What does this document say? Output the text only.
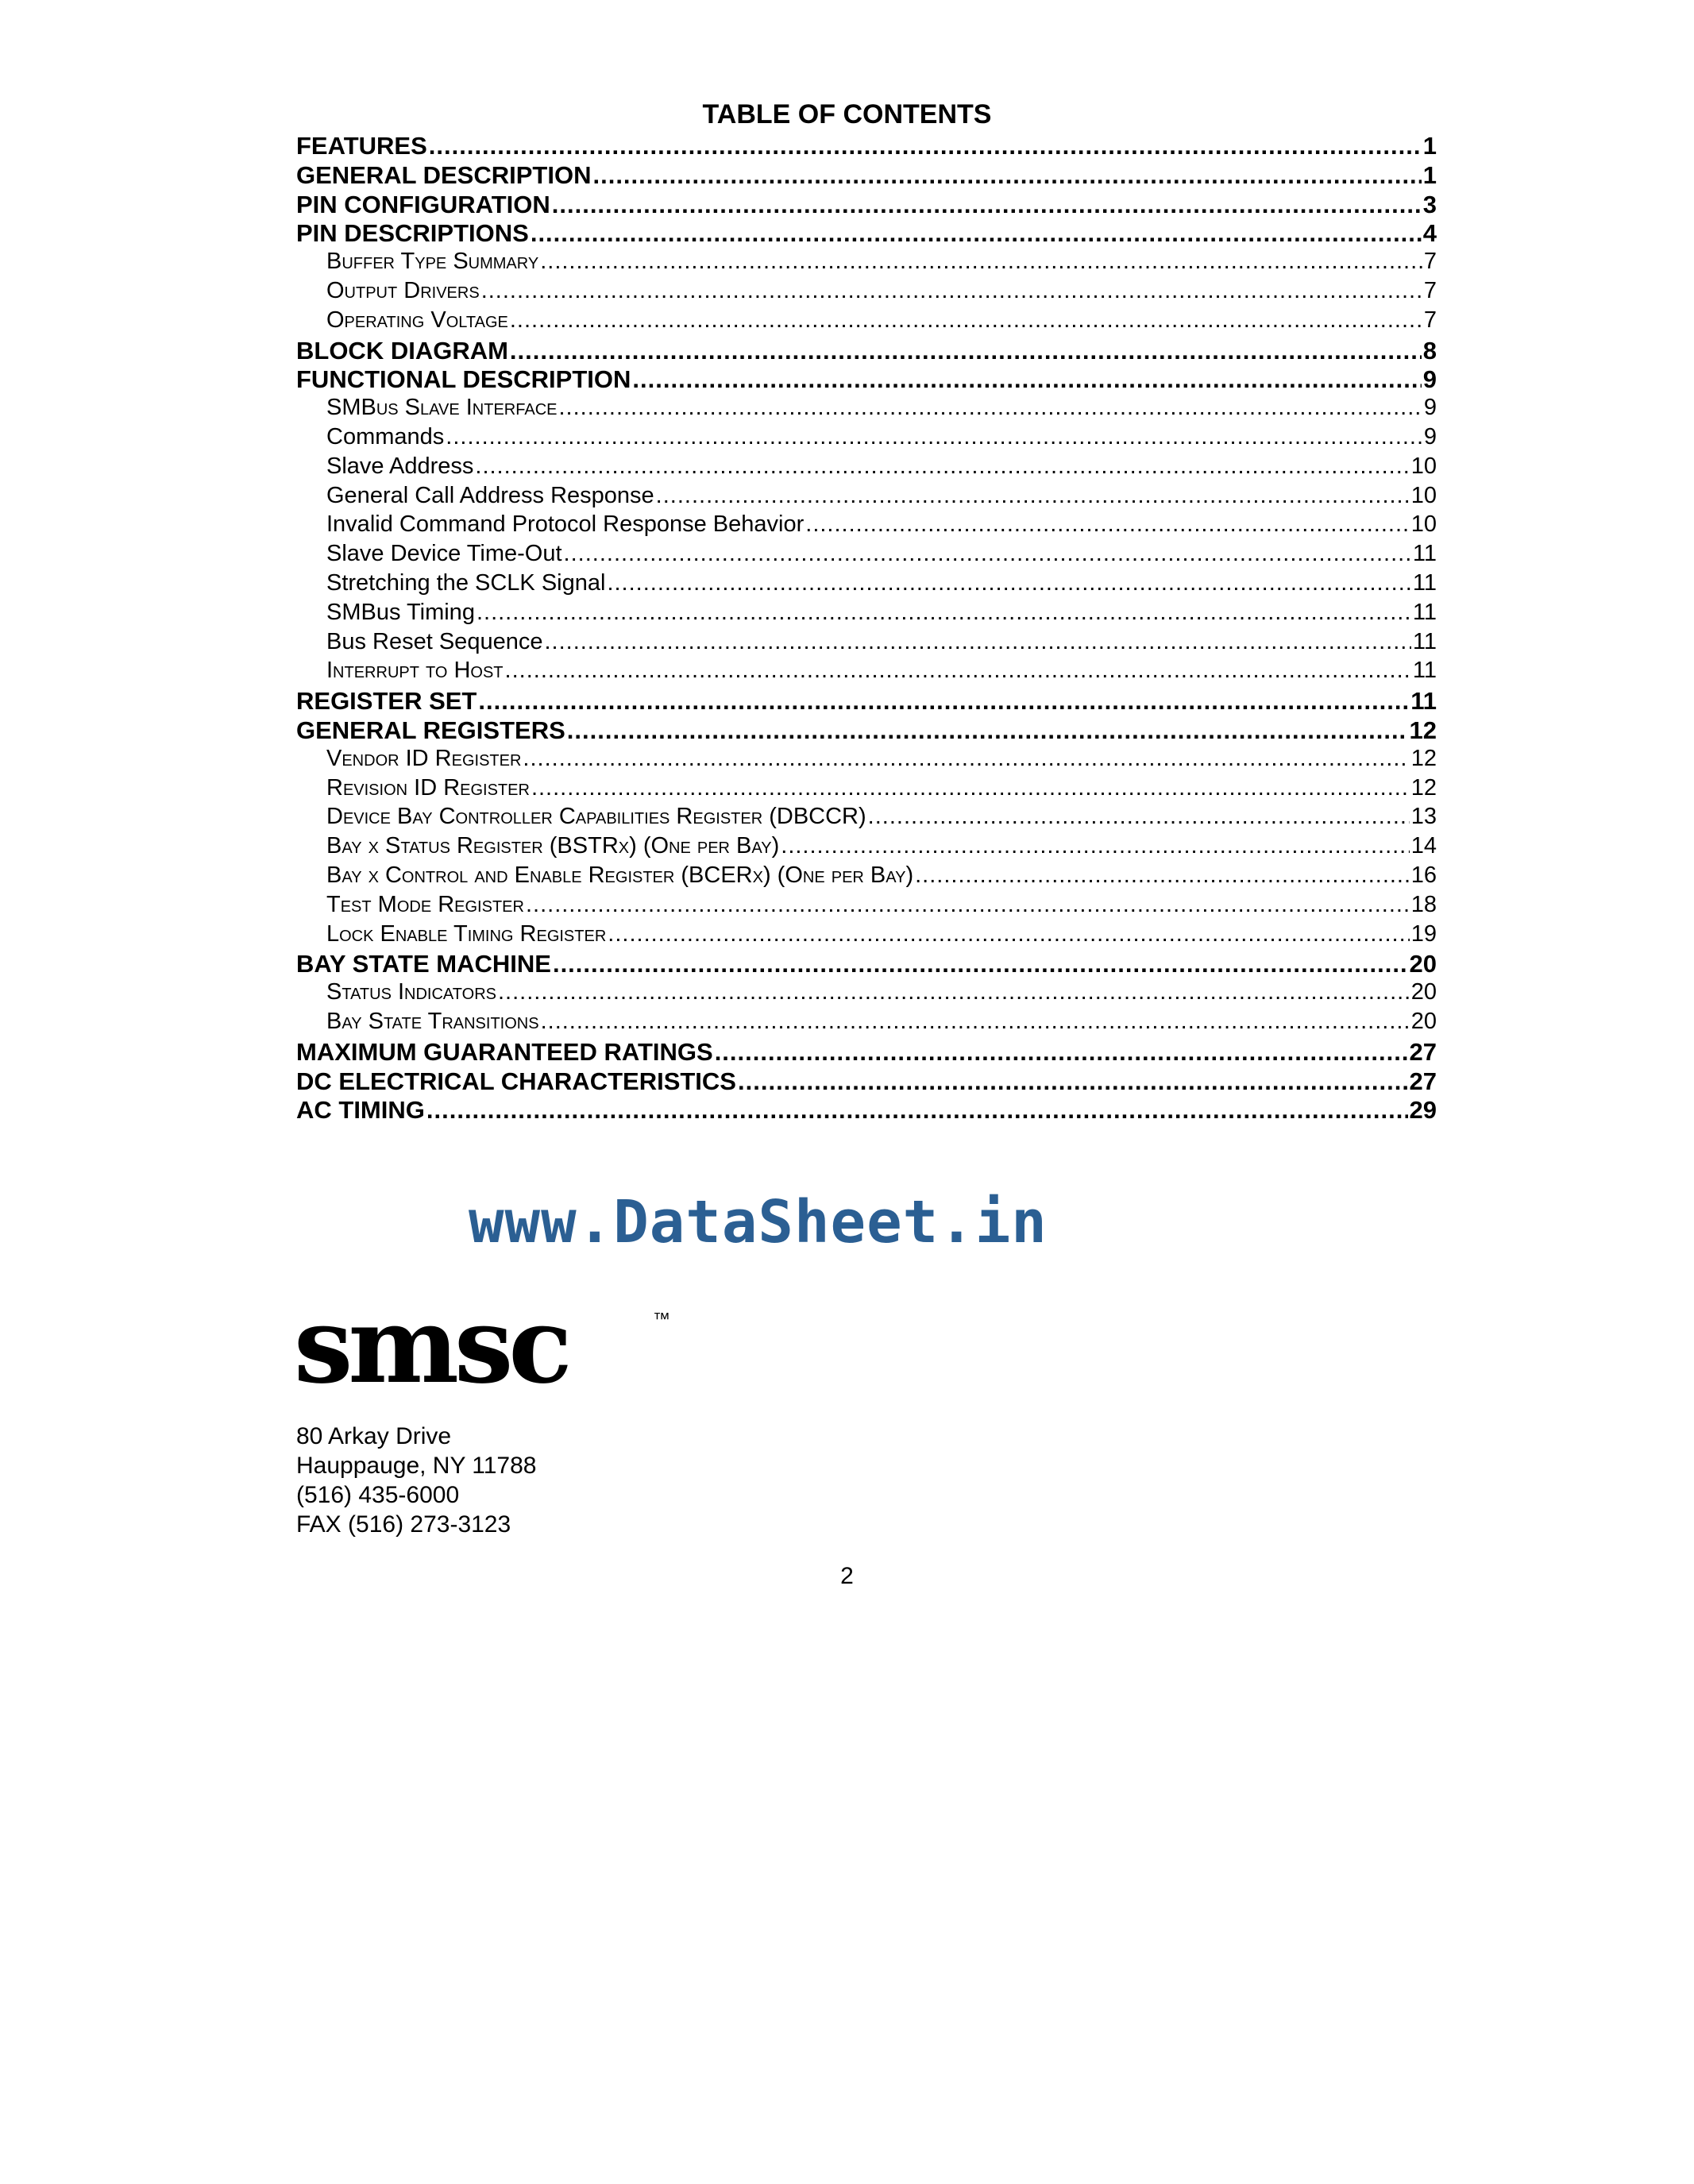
TABLE OF CONTENTS
FEATURES .....	1
GENERAL DESCRIPTION .....	1
PIN CONFIGURATION .....	3
PIN DESCRIPTIONS .....	4
Buffer Type Summary .....	7
Output Drivers .....	7
Operating Voltage .....	7
BLOCK DIAGRAM .....	8
FUNCTIONAL DESCRIPTION .....	9
SMBus Slave Interface .....	9
Commands .....	9
Slave Address .....	10
General Call Address Response .....	10
Invalid Command Protocol Response Behavior .....	10
Slave Device Time-Out .....	11
Stretching the SCLK Signal .....	11
SMBus Timing .....	11
Bus Reset Sequence .....	11
Interrupt to Host .....	11
REGISTER SET .....	11
GENERAL REGISTERS .....	12
Vendor ID Register .....	12
Revision ID Register .....	12
Device Bay Controller Capabilities Register (DBCCR) .....	13
Bay x Status Register (BSTRx) (One per Bay) .....	14
Bay x Control and Enable Register (BCERx) (One per Bay) .....	16
Test Mode Register .....	18
Lock Enable Timing Register .....	19
BAY STATE MACHINE .....	20
Status Indicators .....	20
Bay State Transitions .....	20
MAXIMUM GUARANTEED RATINGS .....	27
DC ELECTRICAL CHARACTERISTICS .....	27
AC TIMING .....	29
www.DataSheet.in
smsc	™
80 Arkay Drive
Hauppauge, NY 11788
(516) 435-6000
FAX (516) 273-3123
2
